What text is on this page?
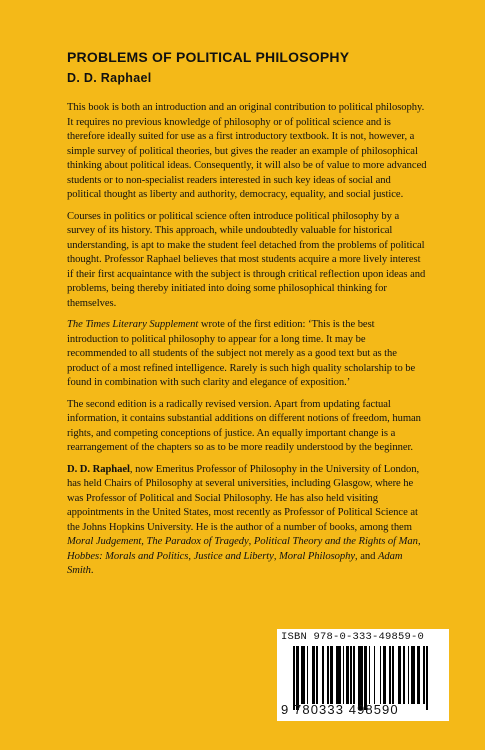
PROBLEMS OF POLITICAL PHILOSOPHY
D. D. Raphael

This book is both an introduction and an original contribution to political philosophy. It requires no previous knowledge of philosophy or of political science and is therefore ideally suited for use as a first introductory textbook. It is not, however, a simple survey of political theories, but gives the reader an example of philosophical thinking about political ideas. Consequently, it will also be of value to more advanced students or to non-specialist readers interested in such key ideas of social and political thought as liberty and authority, democracy, equality, and social justice.

Courses in politics or political science often introduce political philosophy by a survey of its history. This approach, while undoubtedly valuable for historical understanding, is apt to make the student feel detached from the problems of political thought. Professor Raphael believes that most students acquire a more lively interest if their first acquaintance with the subject is through critical reflection upon ideas and problems, being thereby initiated into doing some philosophical thinking for themselves.

The Times Literary Supplement wrote of the first edition: ‘This is the best introduction to political philosophy to appear for a long time. It may be recommended to all students of the subject not merely as a good text but as the product of a most refined intelligence. Rarely is such high quality scholarship to be found in combination with such clarity and elegance of exposition.’

The second edition is a radically revised version. Apart from updating factual information, it contains substantial additions on different notions of freedom, human rights, and competing conceptions of justice. An equally important change is a rearrangement of the chapters so as to be more readily understood by the beginner.

D. D. Raphael, now Emeritus Professor of Philosophy in the University of London, has held Chairs of Philosophy at several universities, including Glasgow, where he was Professor of Political and Social Philosophy. He has also held visiting appointments in the United States, most recently as Professor of Political Science at the Johns Hopkins University. He is the author of a number of books, among them Moral Judgement, The Paradox of Tragedy, Political Theory and the Rights of Man, Hobbes: Morals and Politics, Justice and Liberty, Moral Philosophy, and Adam Smith.

ISBN 978-0-333-49859-0
9 780333 498590
